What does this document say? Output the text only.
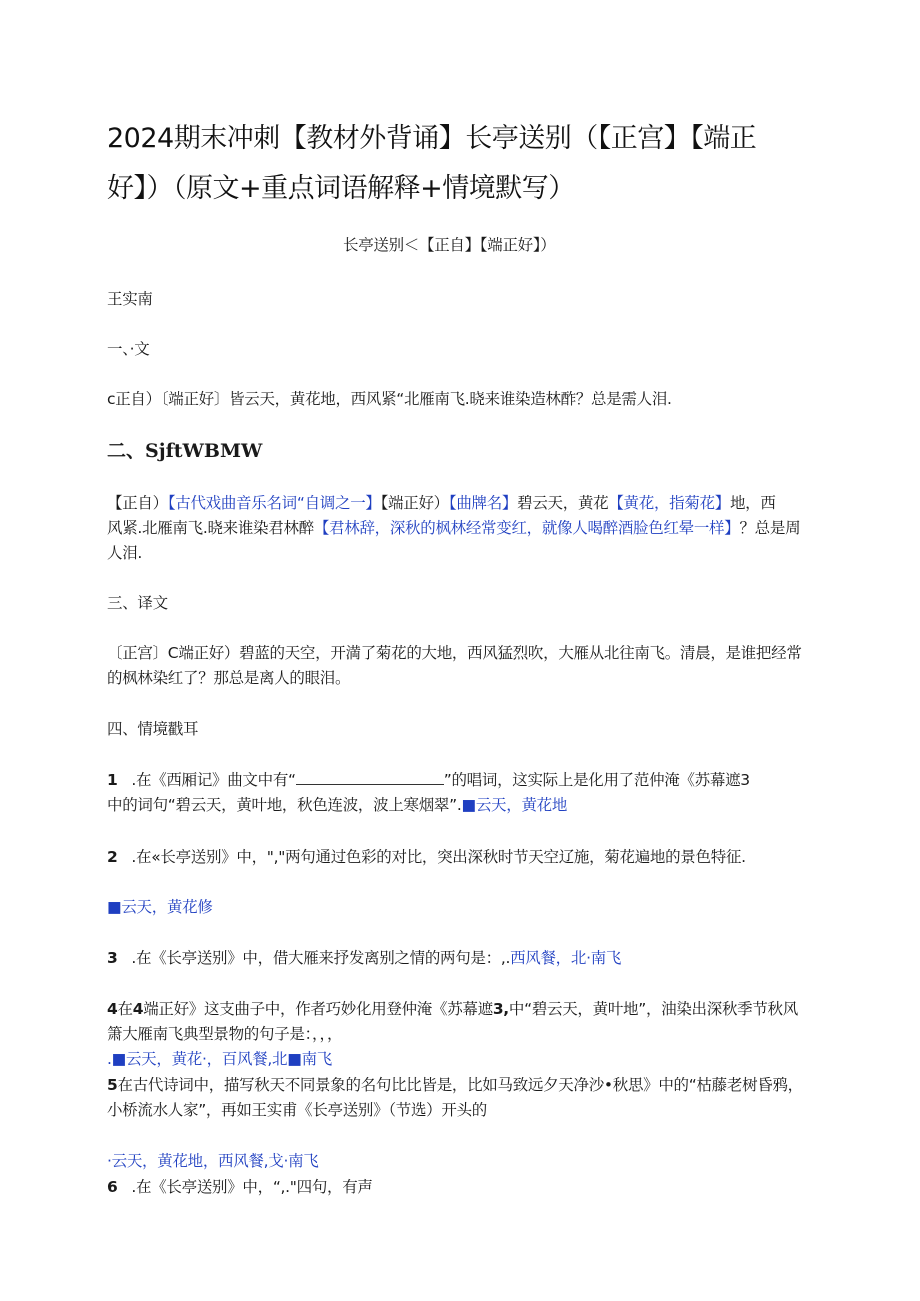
2024期末冲刺【教材外背诵】长亭送别（【正宫】【端正
好】）（原文+重点词语解释+情境默写）
长亭送别＜【正自】【端正好】）
王实南
一、·文
c正自）〔端正好〕皆云天，黄花地，西风紧“北雁南飞.晓来谁染造林酢？总是需人泪.
二、SjftWBMW
【正自）【古代戏曲音乐名词“自调之一】【端正好）【曲牌名】碧云天，黄花【黄花，指菊花】地，西
风紧.北雁南飞.晓来谁染君林醉【君林辞，深秋的枫林经常变红，就像人喝醉酒脸色红晕一样】？总是周
人泪.
三、译文
〔正宫〕C端正好）碧蓝的天空，开満了菊花的大地，西风猛烈吹，大雁从北往南飞。清晨，是谁把经常
的枫林染红了？那总是离人的眼泪。
四、情境戳耳
1 .在《西厢记》曲文中有“	”的唱词，这实际上是化用了范仲淹《苏幕遮3
中的词句“碧云天，黄叶地，秋色连波，波上寒烟翠”.■云天，黄花地
2 .在«长亭送别》中，","两句通过色彩的对比，突出深秋时节天空辽施，菊花遍地的景色特征.
■云天，黄花修
3 .在《长亭送别》中，借大雁来抒发离别之情的两句是：,.西风餐，北·南飞
4在4端正好》这支曲子中，作者巧妙化用登仲淹《苏幕遮3,中“碧云天，黄叶地”，油染出深秋季节秋风
箫大雁南飞典型景物的句子是：，，，
.■云天，黄花·，百风餐,北■南飞
5在古代诗词中，描写秋天不同景象的名句比比皆是，比如马致远夕天净沙•秋思》中的“枯藤老树昏鸦，
小桥流水人家”，再如王实甫《长亭送别》（节选）开头的
·云天，黄花地，西风餐,戈·南飞
6 .在《长亭送别》中，“,."四句，有声
